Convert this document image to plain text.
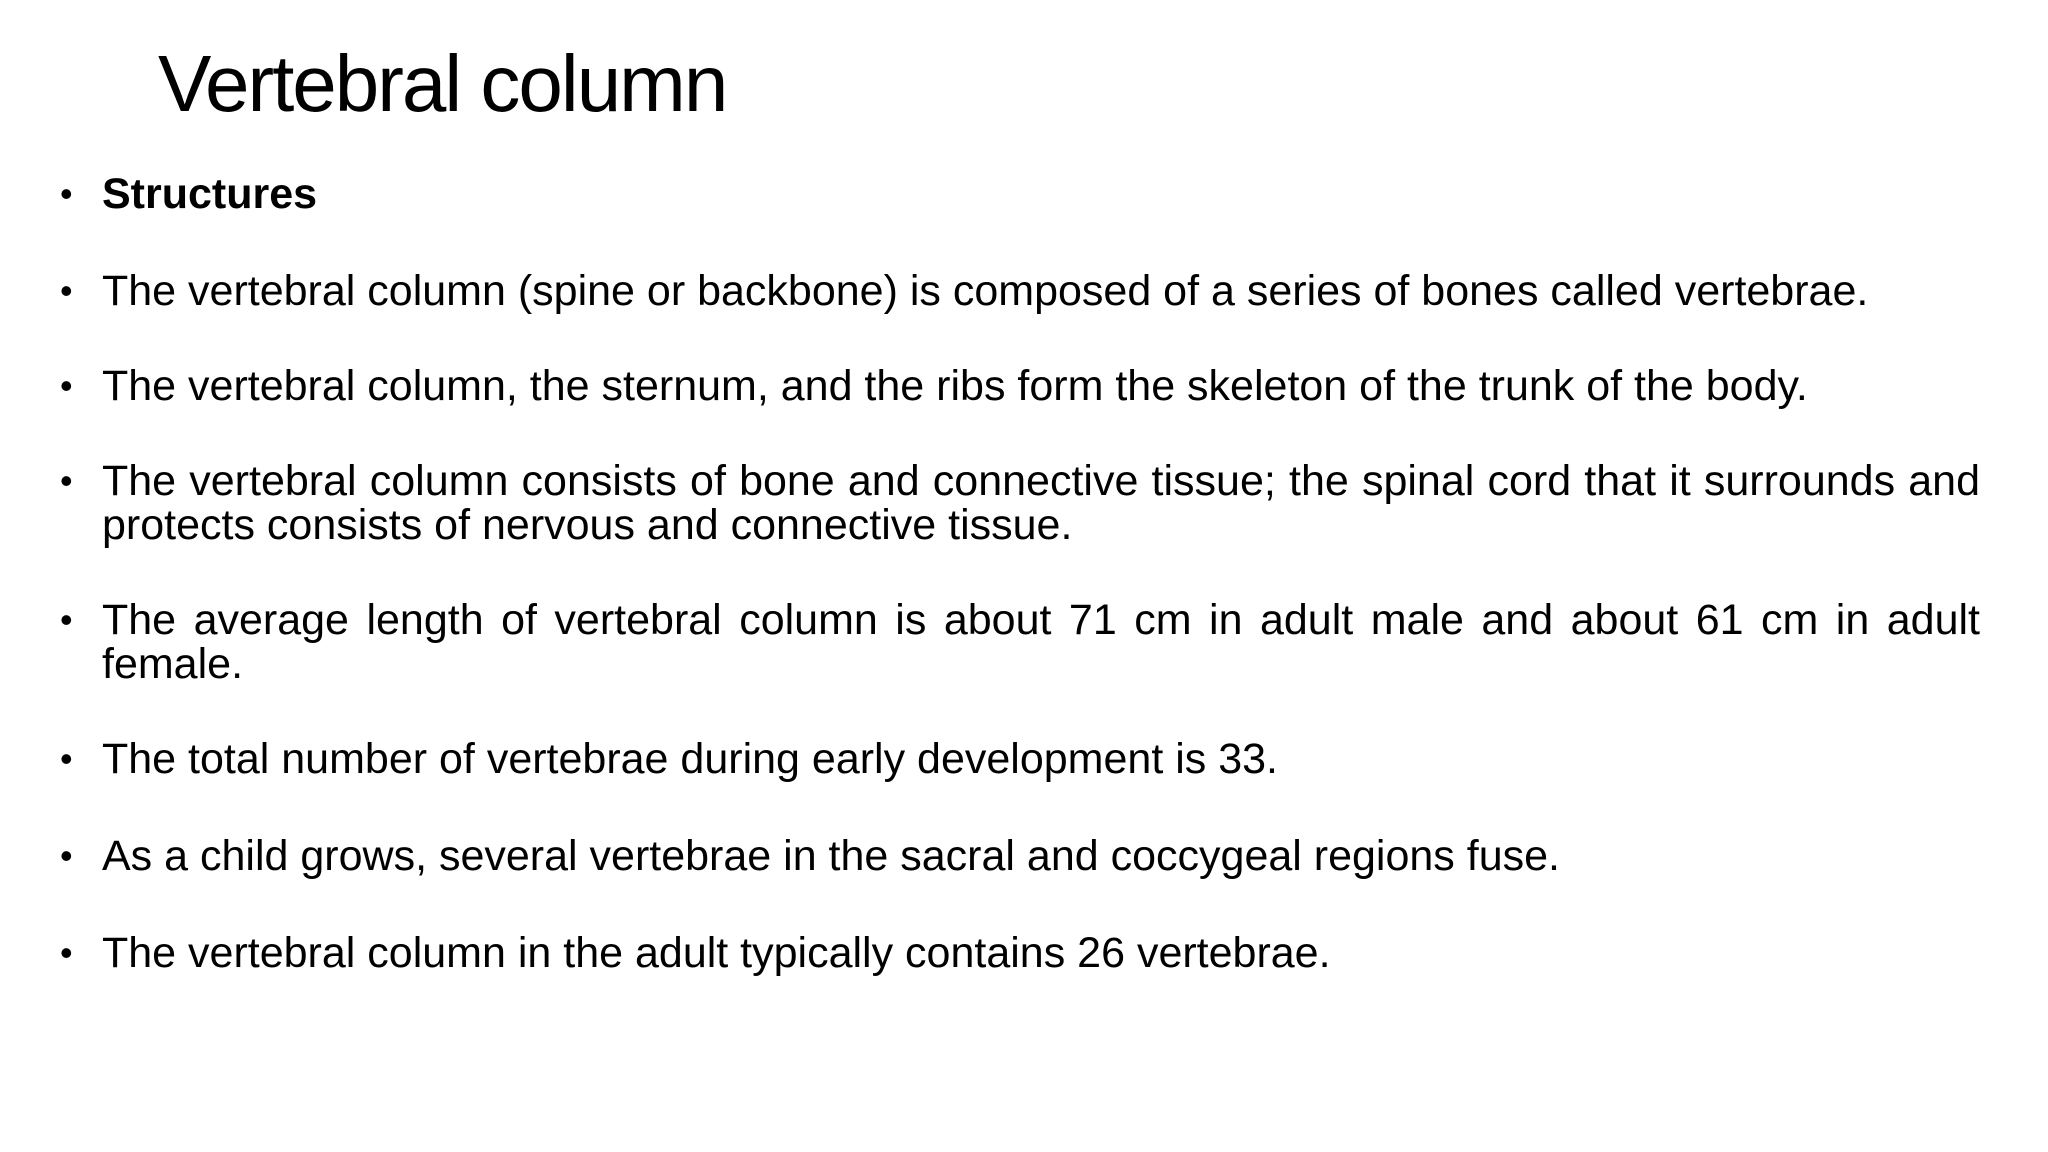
Vertebral column
• Structures
• The vertebral column (spine or backbone) is composed of a series of bones called vertebrae.
• The vertebral column, the sternum, and the ribs form the skeleton of the trunk of the body.
• The vertebral column consists of bone and connective tissue; the spinal cord that it surrounds and protects consists of nervous and connective tissue.
• The average length of vertebral column is about 71 cm in adult male and about 61 cm in adult female.
• The total number of vertebrae during early development is 33.
• As a child grows, several vertebrae in the sacral and coccygeal regions fuse.
• The vertebral column in the adult typically contains 26 vertebrae.
